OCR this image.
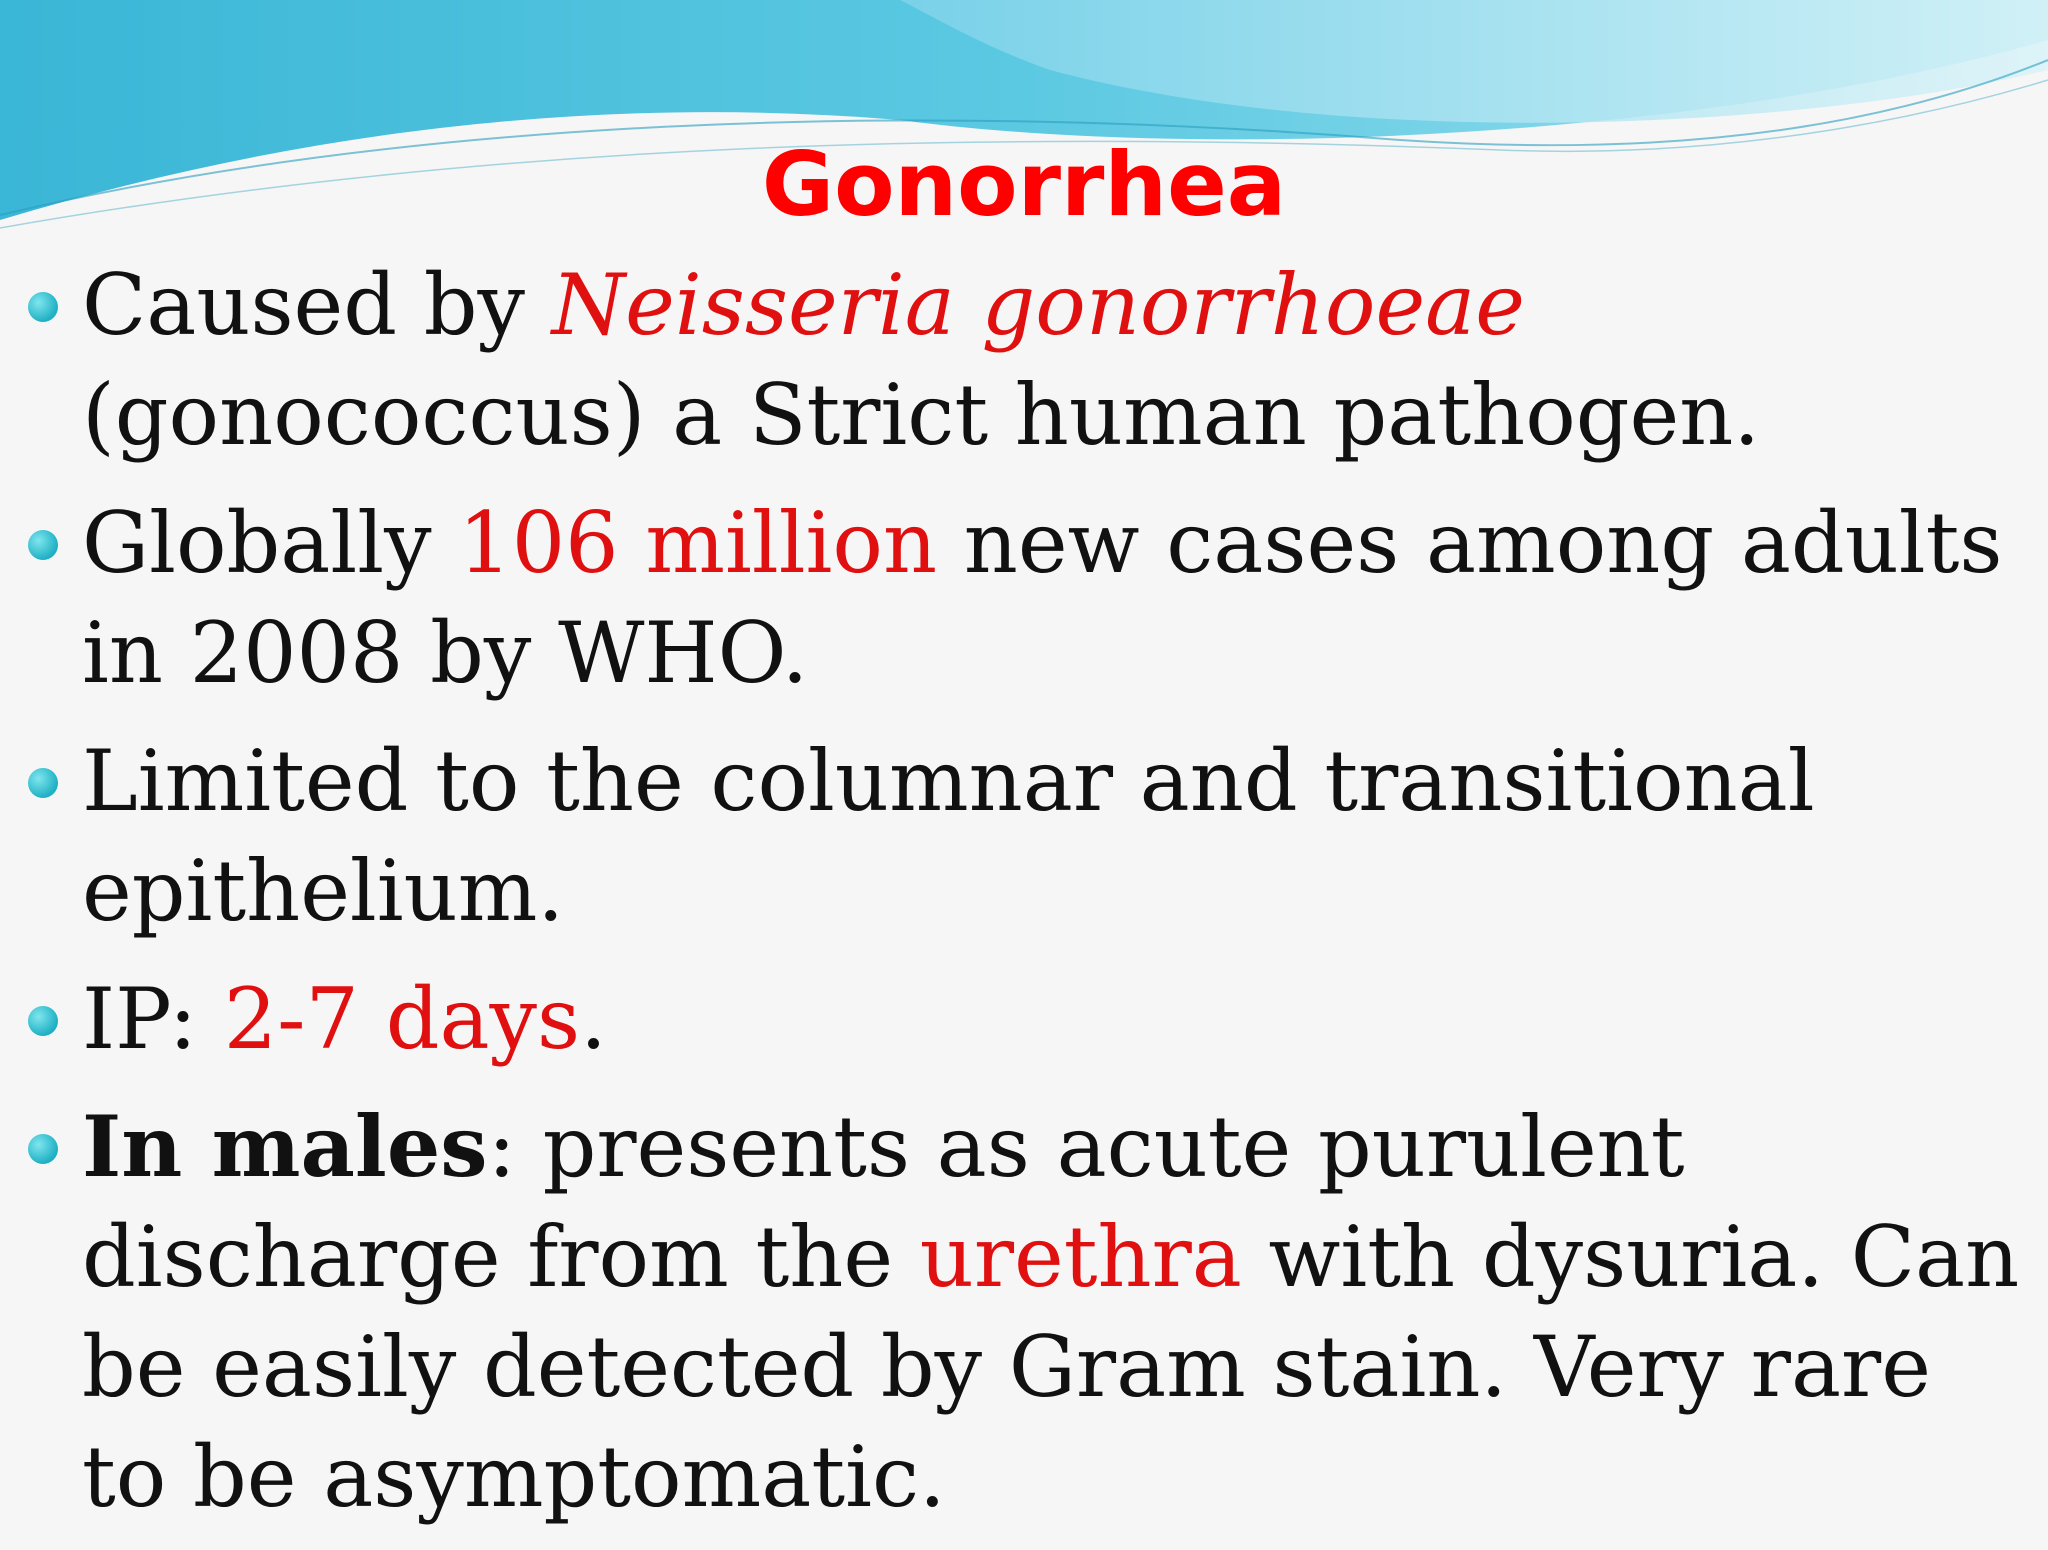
Gonorrhea
Caused by Neisseria gonorrhoeae (gonococcus) a Strict human pathogen.
Globally 106 million new cases among adults in 2008 by WHO.
Limited to the columnar and transitional epithelium.
IP: 2-7 days.
In males: presents as acute purulent discharge from the urethra with dysuria. Can be easily detected by Gram stain. Very rare to be asymptomatic.
